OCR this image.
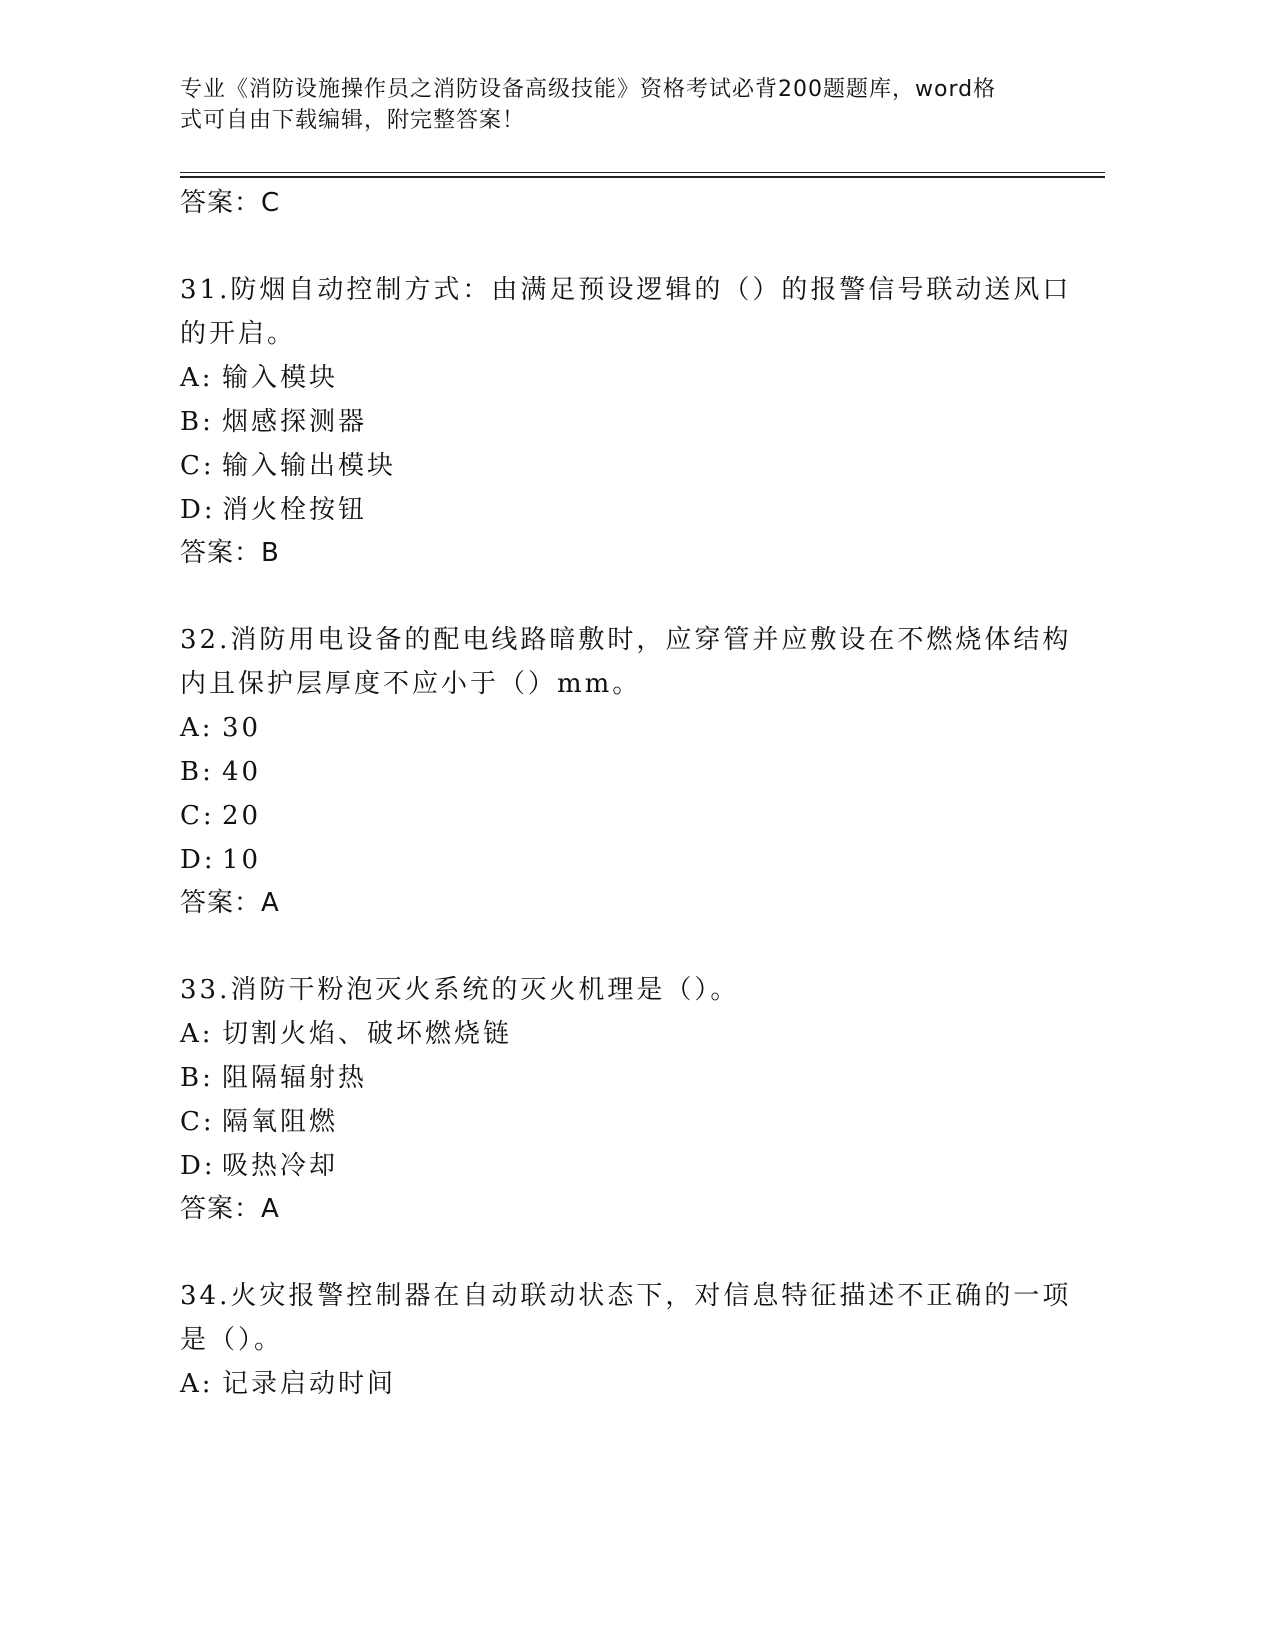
专业《消防设施操作员之消防设备高级技能》资格考试必背200题题库，word格
式可自由下载编辑，附完整答案！
答案：C
31.防烟自动控制方式：由满足预设逻辑的（）的报警信号联动送风口
的开启。
A: 输入模块
B: 烟感探测器
C: 输入输出模块
D: 消火栓按钮
答案：B
32.消防用电设备的配电线路暗敷时，应穿管并应敷设在不燃烧体结构
内且保护层厚度不应小于（）mm。
A: 30
B: 40
C: 20
D: 10
答案：A
33.消防干粉泡灭火系统的灭火机理是（）。
A: 切割火焰、破坏燃烧链
B: 阻隔辐射热
C: 隔氧阻燃
D: 吸热冷却
答案：A
34.火灾报警控制器在自动联动状态下，对信息特征描述不正确的一项
是（）。
A: 记录启动时间
